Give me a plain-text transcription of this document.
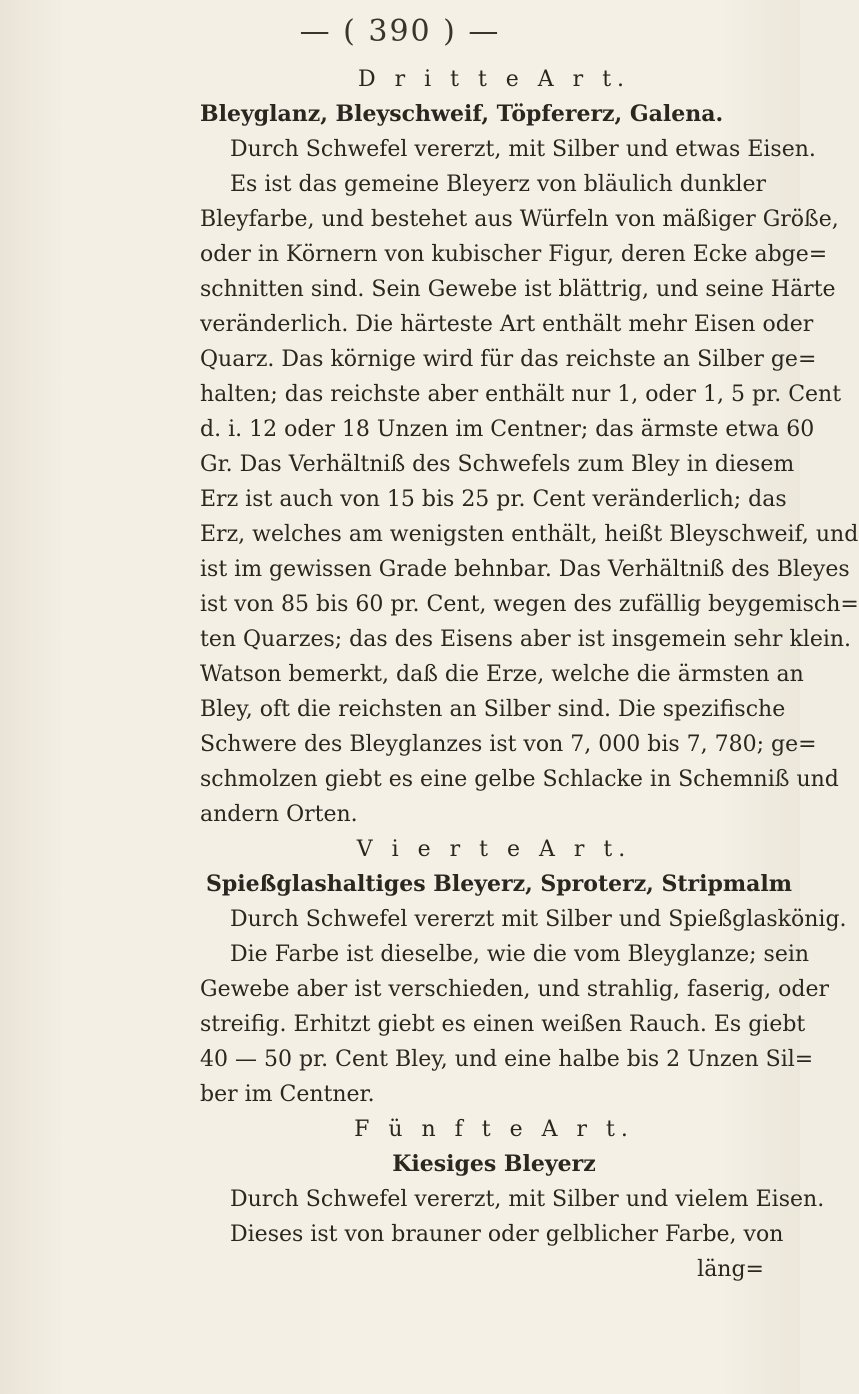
— ( 390 ) —
D r i t t e A r t.
Bleyglanz, Bleyschweif, Töpfererz, Galena.
Durch Schwefel vererzt, mit Silber und etwas Eisen.
Es ist das gemeine Bleyerz von bläulich dunkler
Bleyfarbe, und bestehet aus Würfeln von mäßiger Größe,
oder in Körnern von kubischer Figur, deren Ecke abge=
schnitten sind. Sein Gewebe ist blättrig, und seine Härte
veränderlich. Die härteste Art enthält mehr Eisen oder
Quarz. Das körnige wird für das reichste an Silber ge=
halten; das reichste aber enthält nur 1, oder 1, 5 pr. Cent
d. i. 12 oder 18 Unzen im Centner; das ärmste etwa 60
Gr. Das Verhältniß des Schwefels zum Bley in diesem
Erz ist auch von 15 bis 25 pr. Cent veränderlich; das
Erz, welches am wenigsten enthält, heißt Bleyschweif, und
ist im gewissen Grade behnbar. Das Verhältniß des Bleyes
ist von 85 bis 60 pr. Cent, wegen des zufällig beygemisch=
ten Quarzes; das des Eisens aber ist insgemein sehr klein.
Watson bemerkt, daß die Erze, welche die ärmsten an
Bley, oft die reichsten an Silber sind. Die spezifische
Schwere des Bleyglanzes ist von 7, 000 bis 7, 780; ge=
schmolzen giebt es eine gelbe Schlacke in Schemniß und
andern Orten.
V i e r t e A r t.
Spießglashaltiges Bleyerz, Sproterz, Stripmalm
Durch Schwefel vererzt mit Silber und Spießglaskönig.
Die Farbe ist dieselbe, wie die vom Bleyglanze; sein
Gewebe aber ist verschieden, und strahlig, faserig, oder
streifig. Erhitzt giebt es einen weißen Rauch. Es giebt
40 — 50 pr. Cent Bley, und eine halbe bis 2 Unzen Sil=
ber im Centner.
F ü n f t e A r t.
Kiesiges Bleyerz
Durch Schwefel vererzt, mit Silber und vielem Eisen.
Dieses ist von brauner oder gelblicher Farbe, von
läng=
